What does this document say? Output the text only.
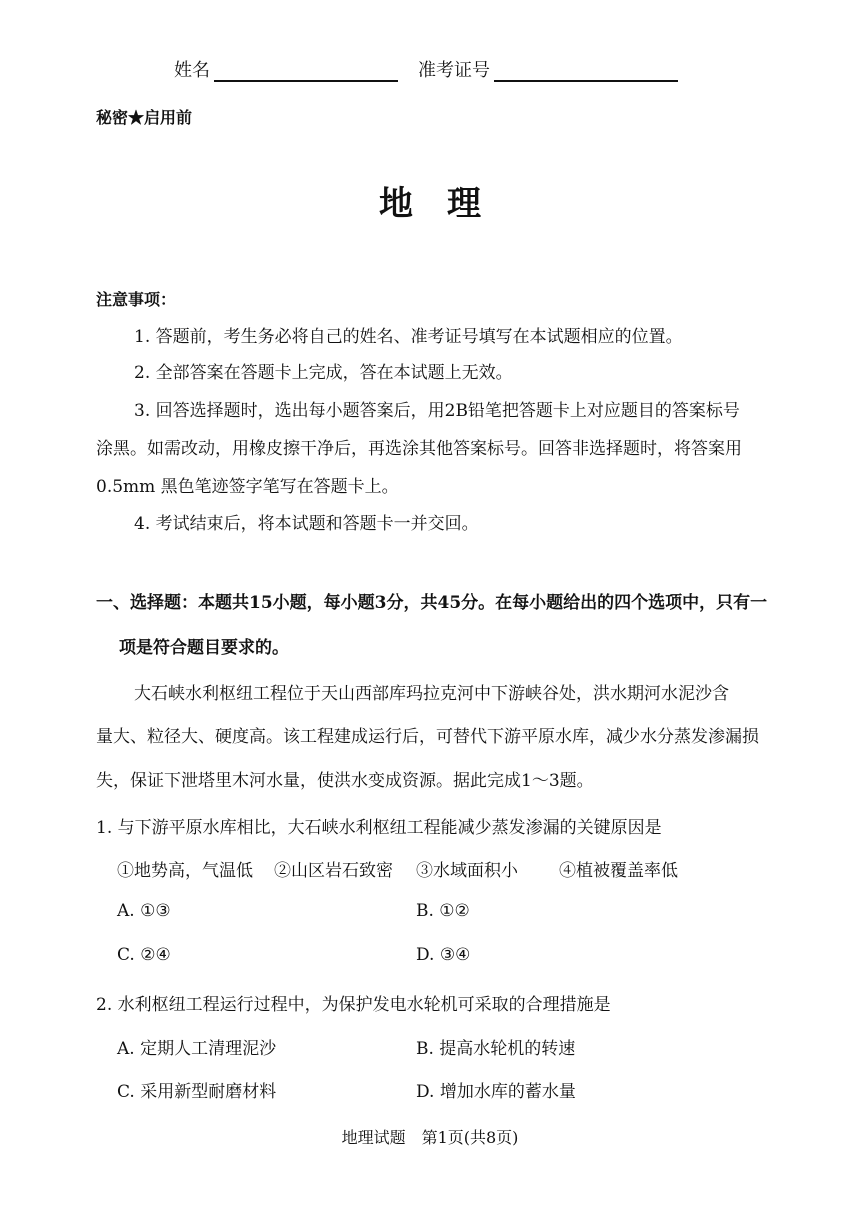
姓名	准考证号
秘密★启用前
地　理
注意事项：
1. 答题前，考生务必将自己的姓名、准考证号填写在本试题相应的位置。
2. 全部答案在答题卡上完成，答在本试题上无效。
3. 回答选择题时，选出每小题答案后，用2B铅笔把答题卡上对应题目的答案标号
涂黑。如需改动，用橡皮擦干净后，再选涂其他答案标号。回答非选择题时，将答案用
0.5mm 黑色笔迹签字笔写在答题卡上。
4. 考试结束后，将本试题和答题卡一并交回。
一、选择题：本题共15小题，每小题3分，共45分。在每小题给出的四个选项中，只有一
项是符合题目要求的。
大石峡水利枢纽工程位于天山西部库玛拉克河中下游峡谷处，洪水期河水泥沙含
量大、粒径大、硬度高。该工程建成运行后，可替代下游平原水库，减少水分蒸发渗漏损
失，保证下泄塔里木河水量，使洪水变成资源。据此完成1～3题。
1. 与下游平原水库相比，大石峡水利枢纽工程能减少蒸发渗漏的关键原因是
①地势高，气温低 ②山区岩石致密 ③水域面积小 ④植被覆盖率低
A. ①③	B. ①②
C. ②④	D. ③④
2. 水利枢纽工程运行过程中，为保护发电水轮机可采取的合理措施是
A. 定期人工清理泥沙	B. 提高水轮机的转速
C. 采用新型耐磨材料	D. 增加水库的蓄水量
地理试题　第1页(共8页)
